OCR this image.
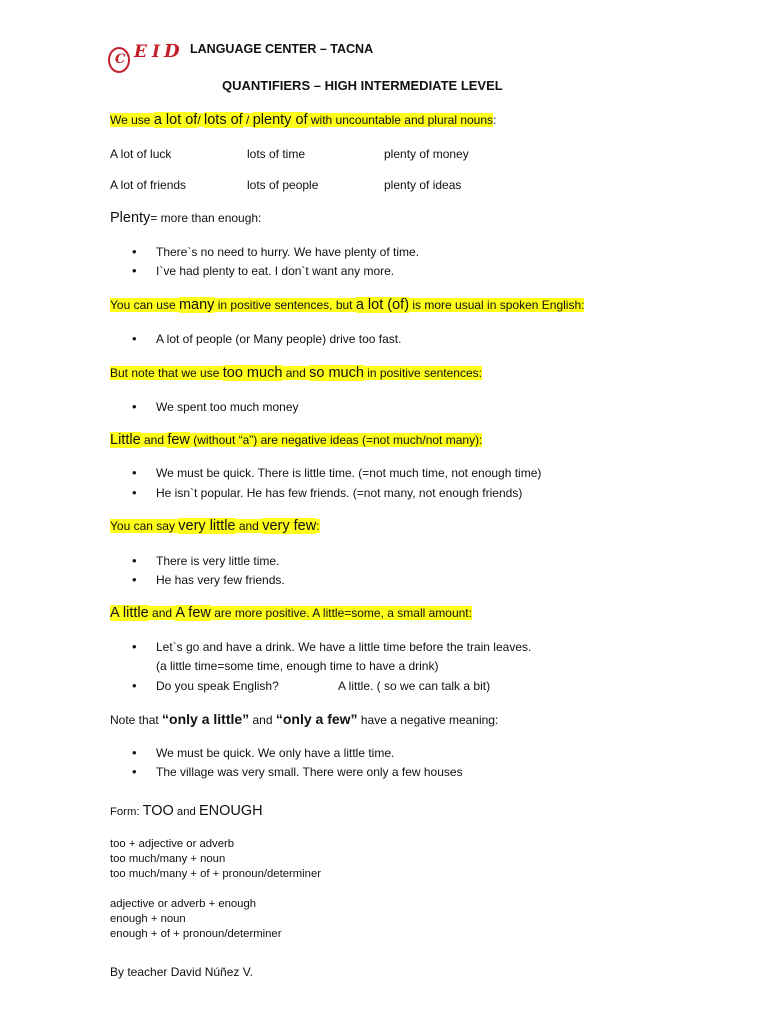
C E I D LANGUAGE CENTER – TACNA
QUANTIFIERS – HIGH INTERMEDIATE LEVEL
We use a lot of/ lots of / plenty of with uncountable and plural nouns:
A lot of luck	lots of time	plenty of money
A lot of friends	lots of people	plenty of ideas
Plenty= more than enough:
• There`s no need to hurry. We have plenty of time.
• I`ve had plenty to eat. I don`t want any more.
You can use many in positive sentences, but a lot (of) is more usual in spoken English:
• A lot of people (or Many people) drive too fast.
But note that we use too much and so much in positive sentences:
• We spent too much money
Little and few (without “a”) are negative ideas (=not much/not many):
• We must be quick. There is little time. (=not much time, not enough time)
• He isn`t popular. He has few friends. (=not many, not enough friends)
You can say very little and very few:
• There is very little time.
• He has very few friends.
A little and A few are more positive. A little=some, a small amount:
• Let`s go and have a drink. We have a little time before the train leaves.
(a little time=some time, enough time to have a drink)
• Do you speak English?	A little. ( so we can talk a bit)
Note that “only a little” and “only a few” have a negative meaning:
• We must be quick. We only have a little time.
• The village was very small. There were only a few houses
Form: TOO and ENOUGH
too + adjective or adverb
too much/many + noun
too much/many + of + pronoun/determiner
adjective or adverb + enough
enough + noun
enough + of + pronoun/determiner
By teacher David Núñez V.
